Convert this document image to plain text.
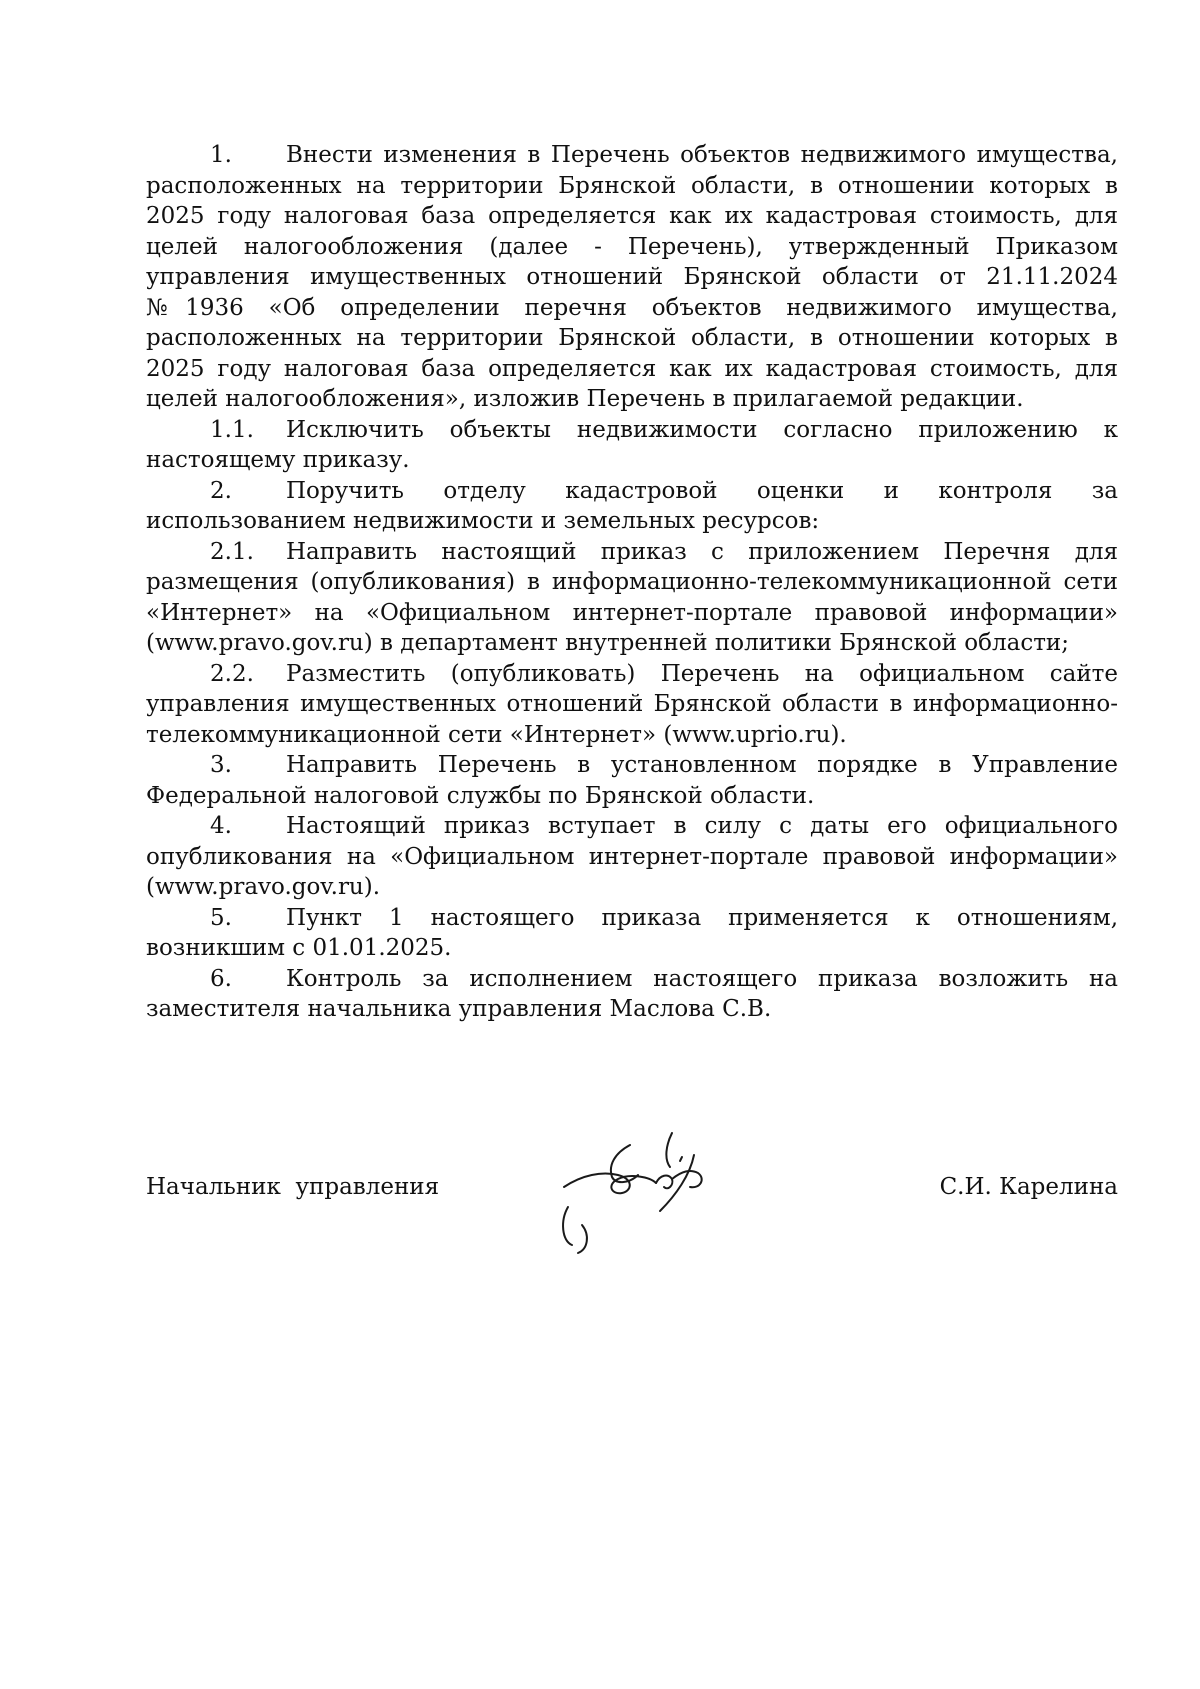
1. Внести изменения в Перечень объектов недвижимого имущества, расположенных на территории Брянской области, в отношении которых в 2025 году налоговая база определяется как их кадастровая стоимость, для целей налогообложения (далее - Перечень), утвержденный Приказом управления имущественных отношений Брянской области от 21.11.2024 №1936 «Об определении перечня объектов недвижимого имущества, расположенных на территории Брянской области, в отношении которых в 2025 году налоговая база определяется как их кадастровая стоимость, для целей налогообложения», изложив Перечень в прилагаемой редакции.

1.1. Исключить объекты недвижимости согласно приложению к настоящему приказу.

2. Поручить отделу кадастровой оценки и контроля за использованием недвижимости и земельных ресурсов:

2.1. Направить настоящий приказ с приложением Перечня для размещения (опубликования) в информационно-телекоммуникационной сети «Интернет» на «Официальном интернет-портале правовой информации» (www.pravo.gov.ru) в департамент внутренней политики Брянской области;

2.2. Разместить (опубликовать) Перечень на официальном сайте управления имущественных отношений Брянской области в информационно-телекоммуникационной сети «Интернет» (www.uprio.ru).

3. Направить Перечень в установленном порядке в Управление Федеральной налоговой службы по Брянской области.

4. Настоящий приказ вступает в силу с даты его официального опубликования на «Официальном интернет-портале правовой информации» (www.pravo.gov.ru).

5. Пункт 1 настоящего приказа применяется к отношениям, возникшим с 01.01.2025.

6. Контроль за исполнением настоящего приказа возложить на заместителя начальника управления Маслова С.В.

Начальник  управления	С.И. Карелина
